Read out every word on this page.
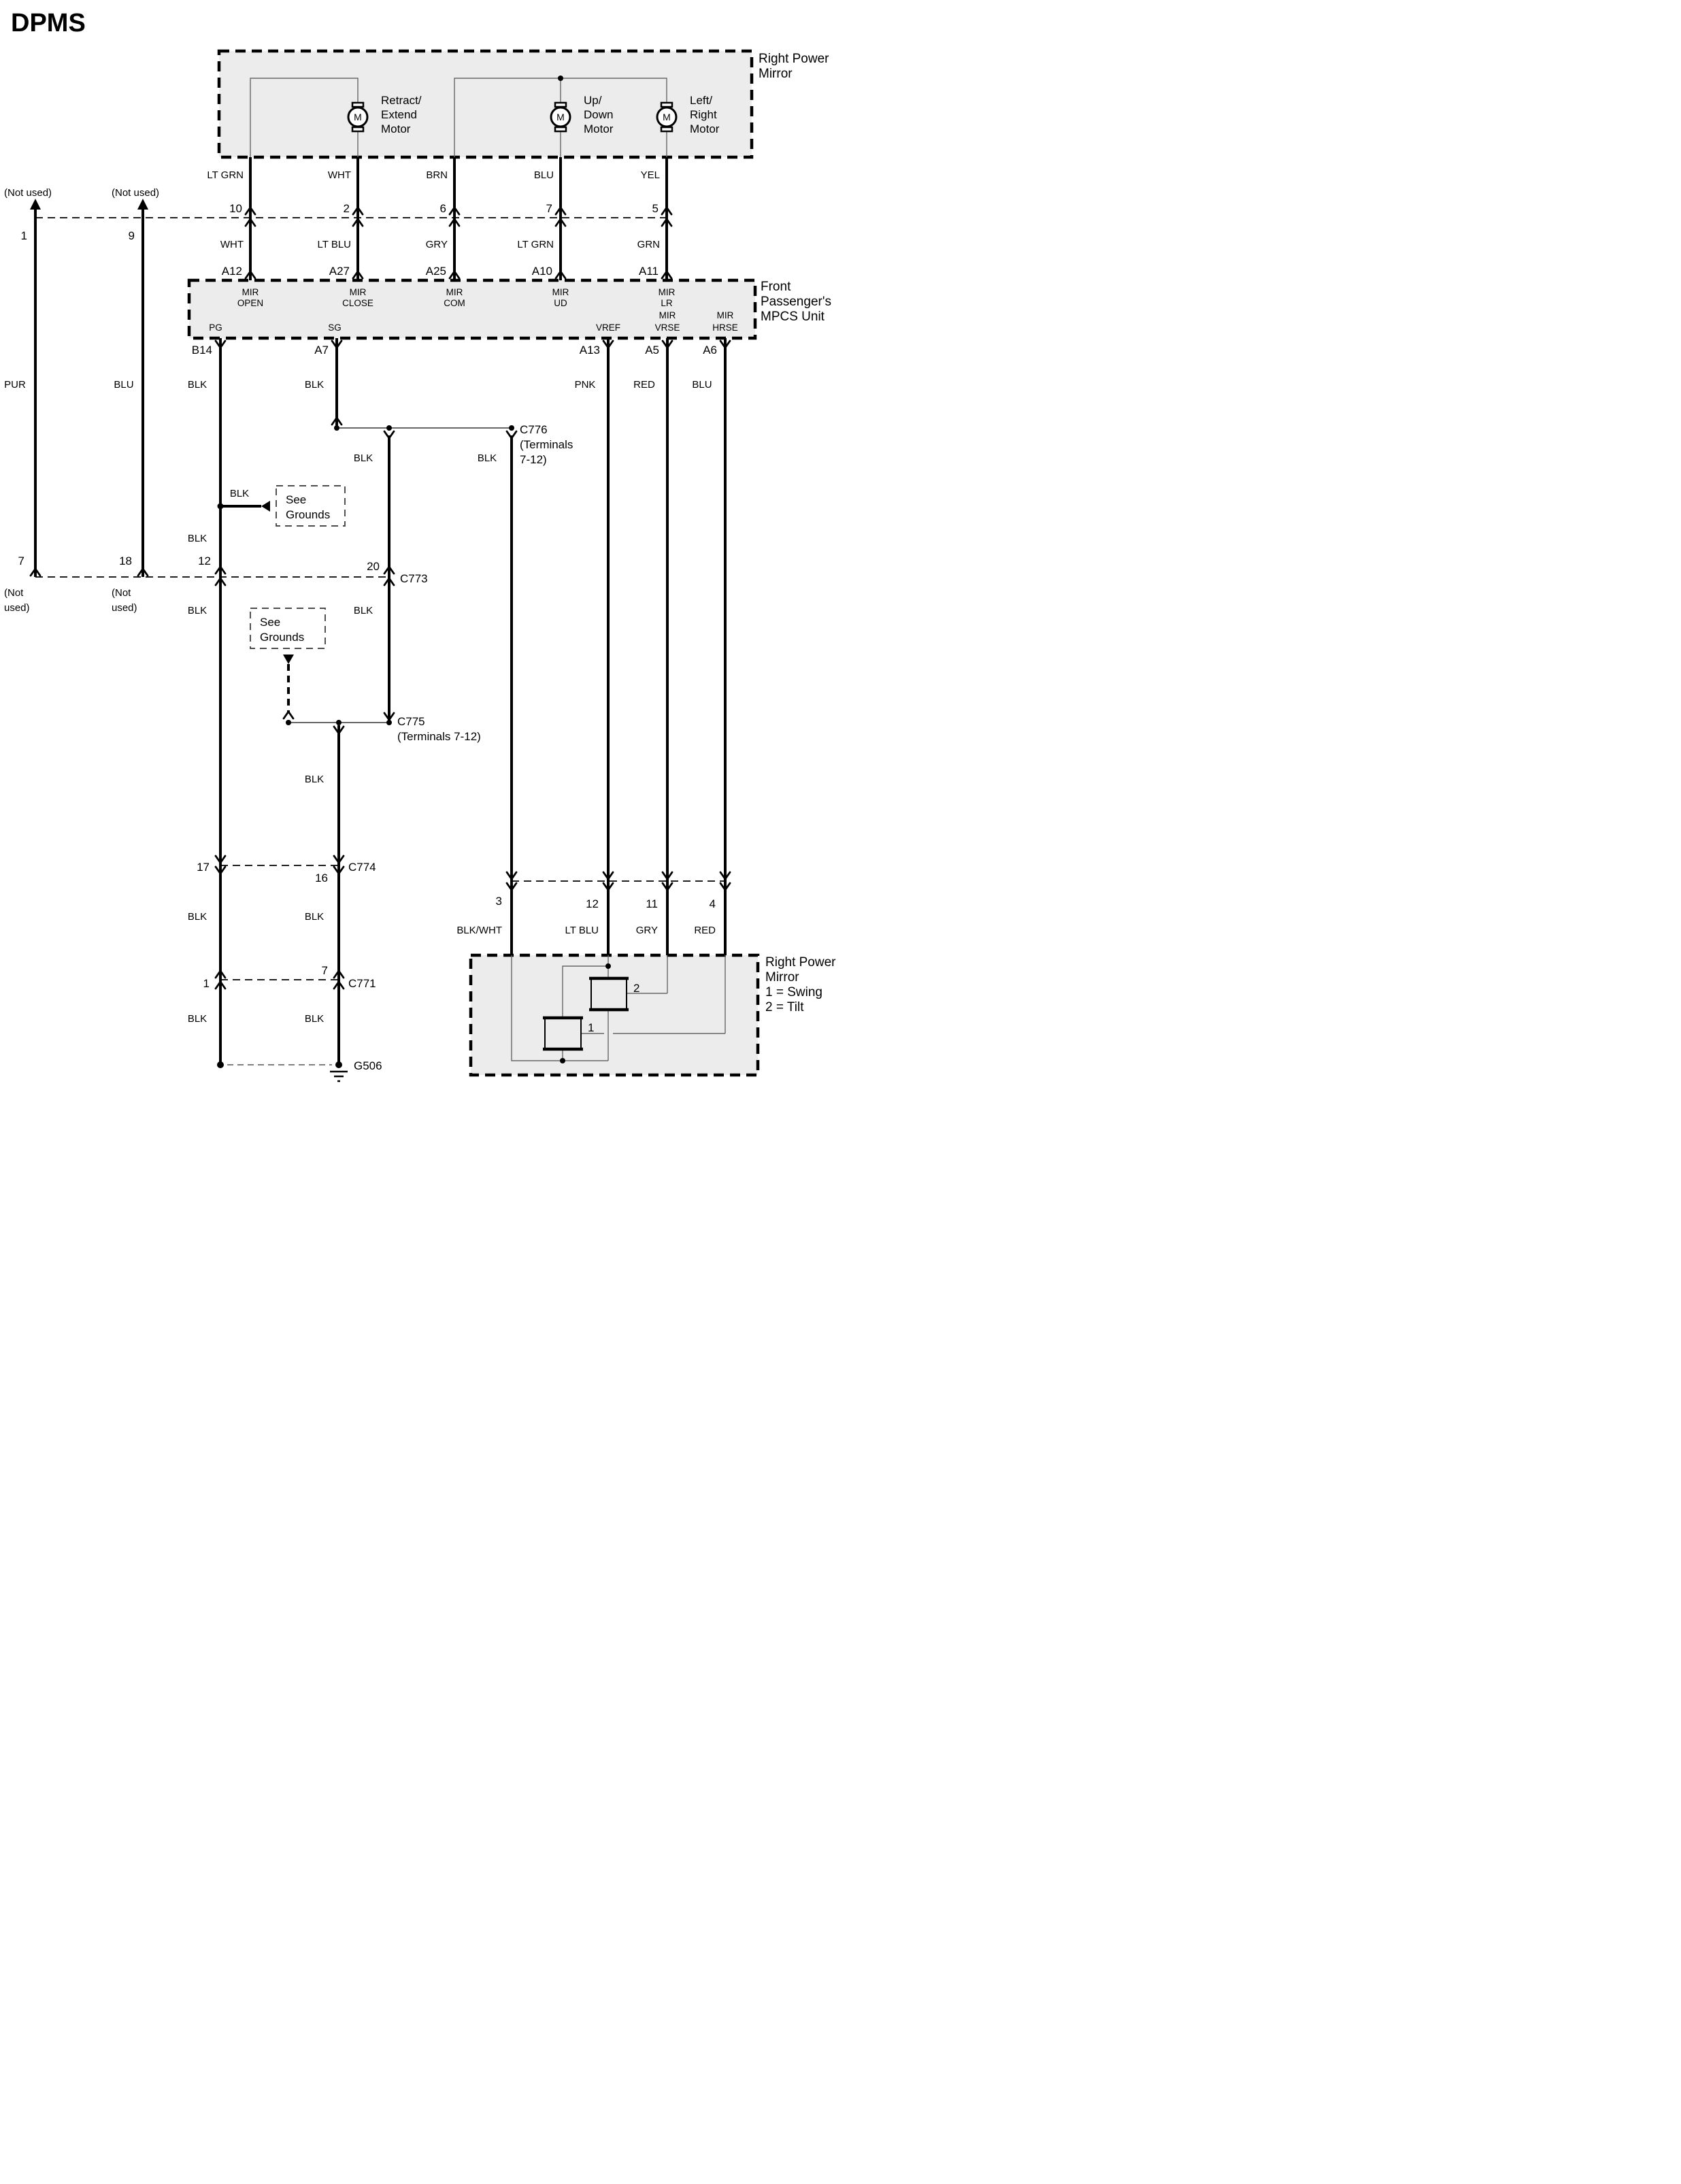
DPMS
Right Power
Mirror
M
Retract/
Extend
Motor
M
Up/
Down
Motor
M
Left/
Right
Motor
(Not used)	(Not used)
1	9
LT GRN	WHT	BRN	BLU	YEL
10	2	6	7	5
WHT	LT BLU	GRY	LT GRN	GRN
A12	A27	A25	A10	A11
MIR
OPEN
MIR
CLOSE
MIR
COM
MIR
UD
MIR
LR
PG	SG	VREF
MIR
VRSE
MIR
HRSE
Front
Passenger's
MPCS Unit
B14	A7	A13	A5	A6
PUR	BLU	BLK	BLK	PNK	RED	BLU
C776
(Terminals
7-12)
BLK	BLK
See
Grounds
BLK
BLK
7	18	12	20
C773
(Not
used)
(Not
used)	BLK	BLK
See
Grounds
C775
(Terminals 7-12)
BLK
17
16
C774
BLK	BLK
1
7
C771
BLK	BLK
G506
3	12	11	4
BLK/WHT	LT BLU	GRY	RED
2
1
Right Power
Mirror
1 = Swing
2 = Tilt
